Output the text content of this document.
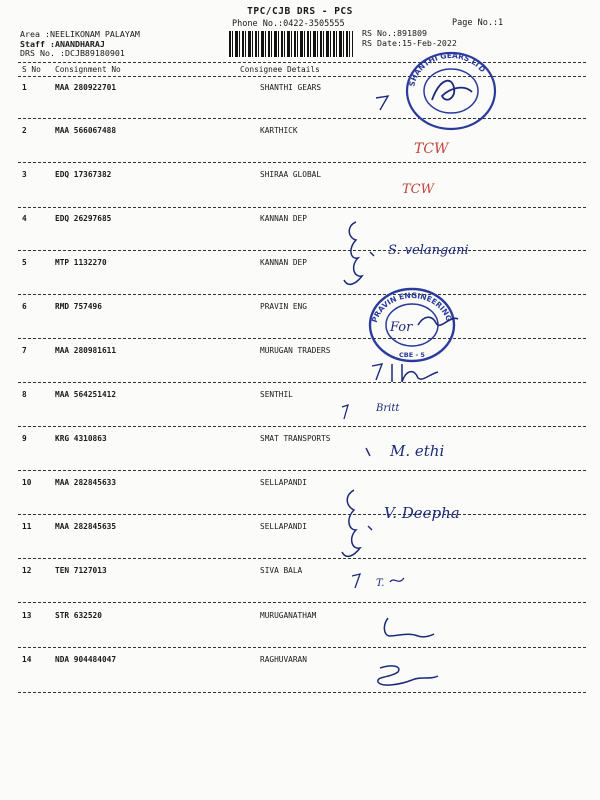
TPC/CJB DRS - PCS
Phone No.:0422-3505555	Page No.:1
Area :NEELIKONAM PALAYAM
Staff :ANANDHARAJ
DRS No. :DCJB89180901
RS No.:891809
RS Date:15-Feb-2022
S No Consignment No	Consignee Details
1	MAA 280922701	SHANTHI GEARS
2	MAA 566067488	KARTHICK
3	EDQ 17367382	SHIRAA GLOBAL
4	EDQ 26297685	KANNAN DEP
5	MTP 1132270	KANNAN DEP
6	RMD 757496	PRAVIN ENG
7	MAA 280981611	MURUGAN TRADERS
8	MAA 564251412	SENTHIL
9	KRG 4310863	SMAT TRANSPORTS
10	MAA 282845633	SELLAPANDI
11	MAA 282845635	SELLAPANDI
12	TEN 7127013	SIVA BALA
13	STR 632520	MURUGANATHAM
14	NDA 904484047	RAGHUVARAN
SHANTHI GEARS LTD
PRAVIN ENGINEERING
CBE - 5
For
TCW
TCW
S. velangani
Britt
M. ethi
V. Deepha
T.
